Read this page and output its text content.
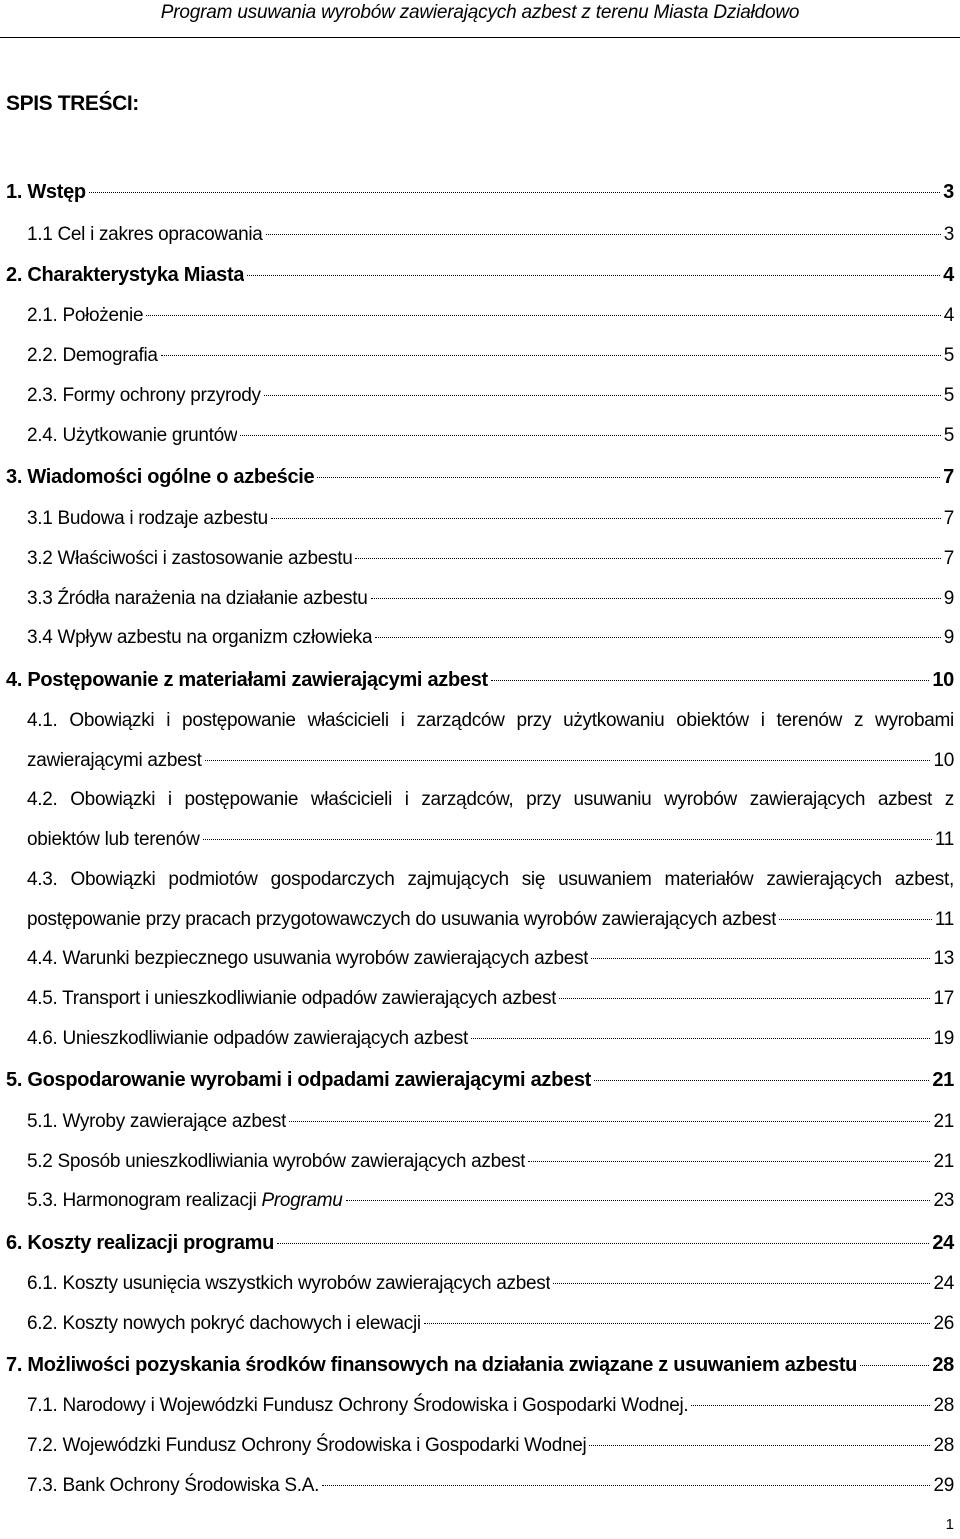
Program usuwania wyrobów zawierających azbest z terenu Miasta Działdowo
SPIS TREŚCI:
1. Wstęp	3
1.1 Cel i zakres opracowania	3
2. Charakterystyka Miasta	4
2.1. Położenie	4
2.2. Demografia	5
2.3. Formy ochrony przyrody	5
2.4. Użytkowanie gruntów	5
3. Wiadomości ogólne o azbeście	7
3.1 Budowa i rodzaje azbestu	7
3.2 Właściwości i zastosowanie azbestu	7
3.3 Źródła narażenia na działanie azbestu	9
3.4 Wpływ azbestu na organizm człowieka	9
4. Postępowanie z materiałami zawierającymi azbest	10
4.1. Obowiązki i postępowanie właścicieli i zarządców przy użytkowaniu obiektów i terenów z wyrobami
zawierającymi azbest	10
4.2. Obowiązki i postępowanie właścicieli i zarządców, przy usuwaniu wyrobów zawierających azbest z
obiektów lub terenów	11
4.3. Obowiązki podmiotów gospodarczych zajmujących się usuwaniem materiałów zawierających azbest,
postępowanie przy pracach przygotowawczych do usuwania wyrobów zawierających azbest	11
4.4. Warunki bezpiecznego usuwania wyrobów zawierających azbest	13
4.5. Transport i unieszkodliwianie odpadów zawierających azbest	17
4.6. Unieszkodliwianie odpadów zawierających azbest	19
5. Gospodarowanie wyrobami i odpadami zawierającymi azbest	21
5.1. Wyroby zawierające azbest	21
5.2 Sposób unieszkodliwiania wyrobów zawierających azbest	21
5.3. Harmonogram realizacji Programu	23
6. Koszty realizacji programu	24
6.1. Koszty usunięcia wszystkich wyrobów zawierających azbest	24
6.2. Koszty nowych pokryć dachowych i elewacji	26
7. Możliwości pozyskania środków finansowych na działania związane z usuwaniem azbestu	28
7.1. Narodowy i Wojewódzki Fundusz Ochrony Środowiska i Gospodarki Wodnej.	28
7.2. Wojewódzki Fundusz Ochrony Środowiska i Gospodarki Wodnej	28
7.3. Bank Ochrony Środowiska S.A.	29
1
